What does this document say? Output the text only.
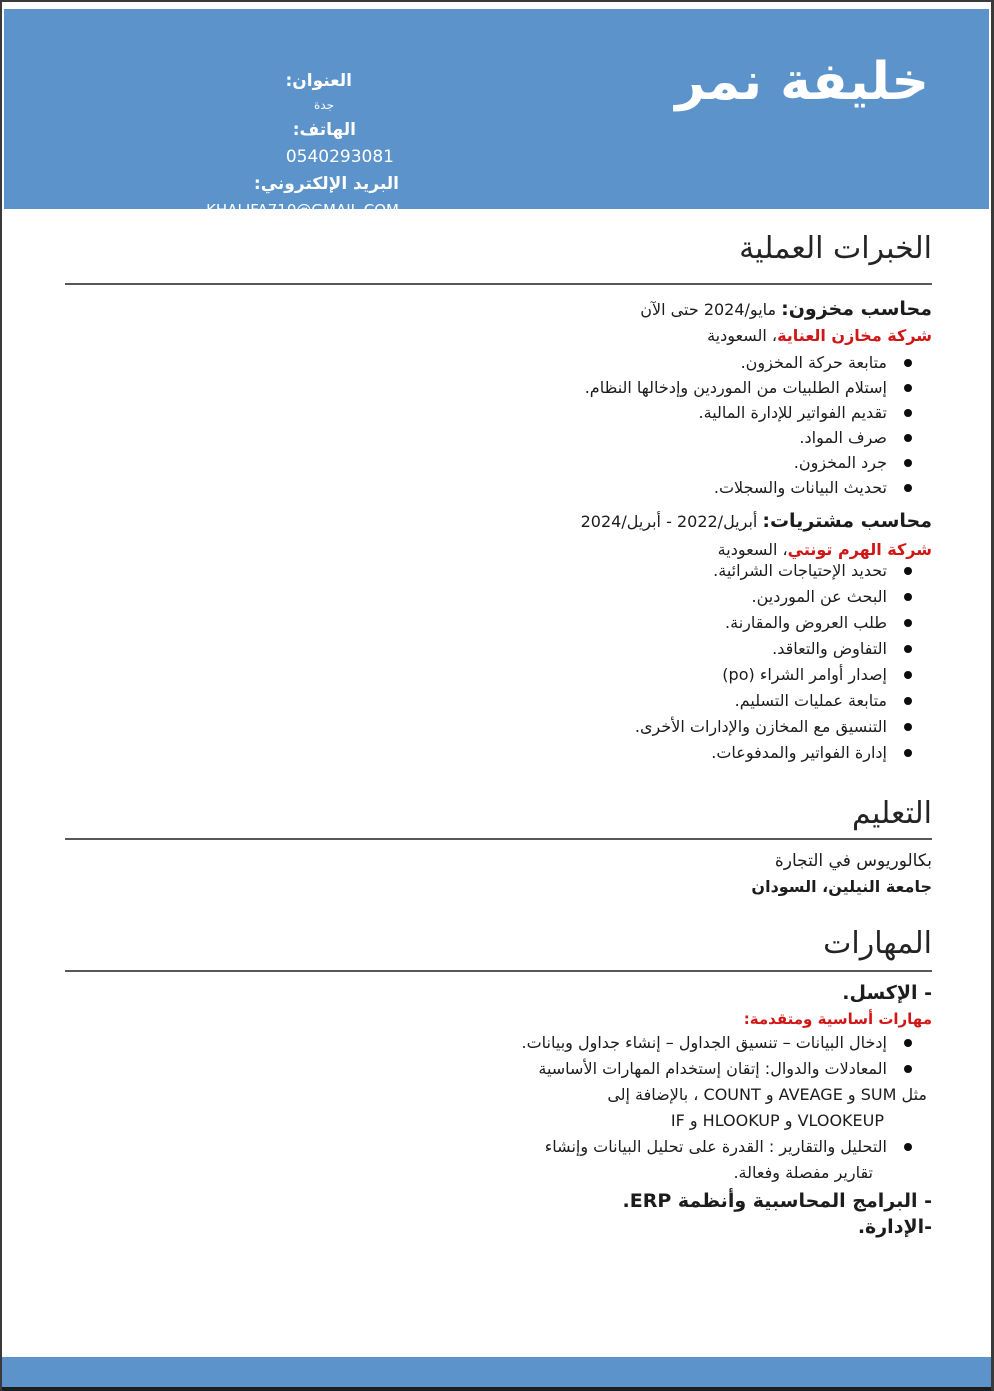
خليفة نمر
العنوان:
جدة
الهاتف:
0540293081
البريد الإلكتروني:
KHALIFA710@GMAIL.COM
الخبرات العملية
محاسب مخزون:مايو/2024 حتى الآن
شركة مخازن العناية، السعودية
متابعة حركة المخزون.
إستلام الطلبيات من الموردين وإدخالها النظام.
تقديم الفواتير للإدارة المالية.
صرف المواد.
جرد المخزون.
تحديث البيانات والسجلات.
محاسب مشتريات:أبريل/2022 - أبريل/2024
شركة الهرم تونتي، السعودية
تحديد الإحتياجات الشرائية.
البحث عن الموردين.
طلب العروض والمقارنة.
التفاوض والتعاقد.
إصدار أوامر الشراء (po)
متابعة عمليات التسليم.
التنسيق مع المخازن والإدارات الأخرى.
إدارة الفواتير والمدفوعات.
التعليم
بكالوريوس في التجارة
جامعة النيلين، السودان
المهارات
- الإكسل.
مهارات أساسية ومتقدمة:
إدخال البيانات – تنسيق الجداول – إنشاء جداول وبيانات.
المعادلات والدوال: إتقان إستخدام المهارات الأساسية
مثل SUM و AVEAGE و COUNT ، بالإضافة إلى
VLOOKEUP و HLOOKUP و IF
التحليل والتقارير : القدرة على تحليل البيانات وإنشاء
تقارير مفصلة وفعالة.
- البرامج المحاسبية وأنظمة ERP.
-الإدارة.
